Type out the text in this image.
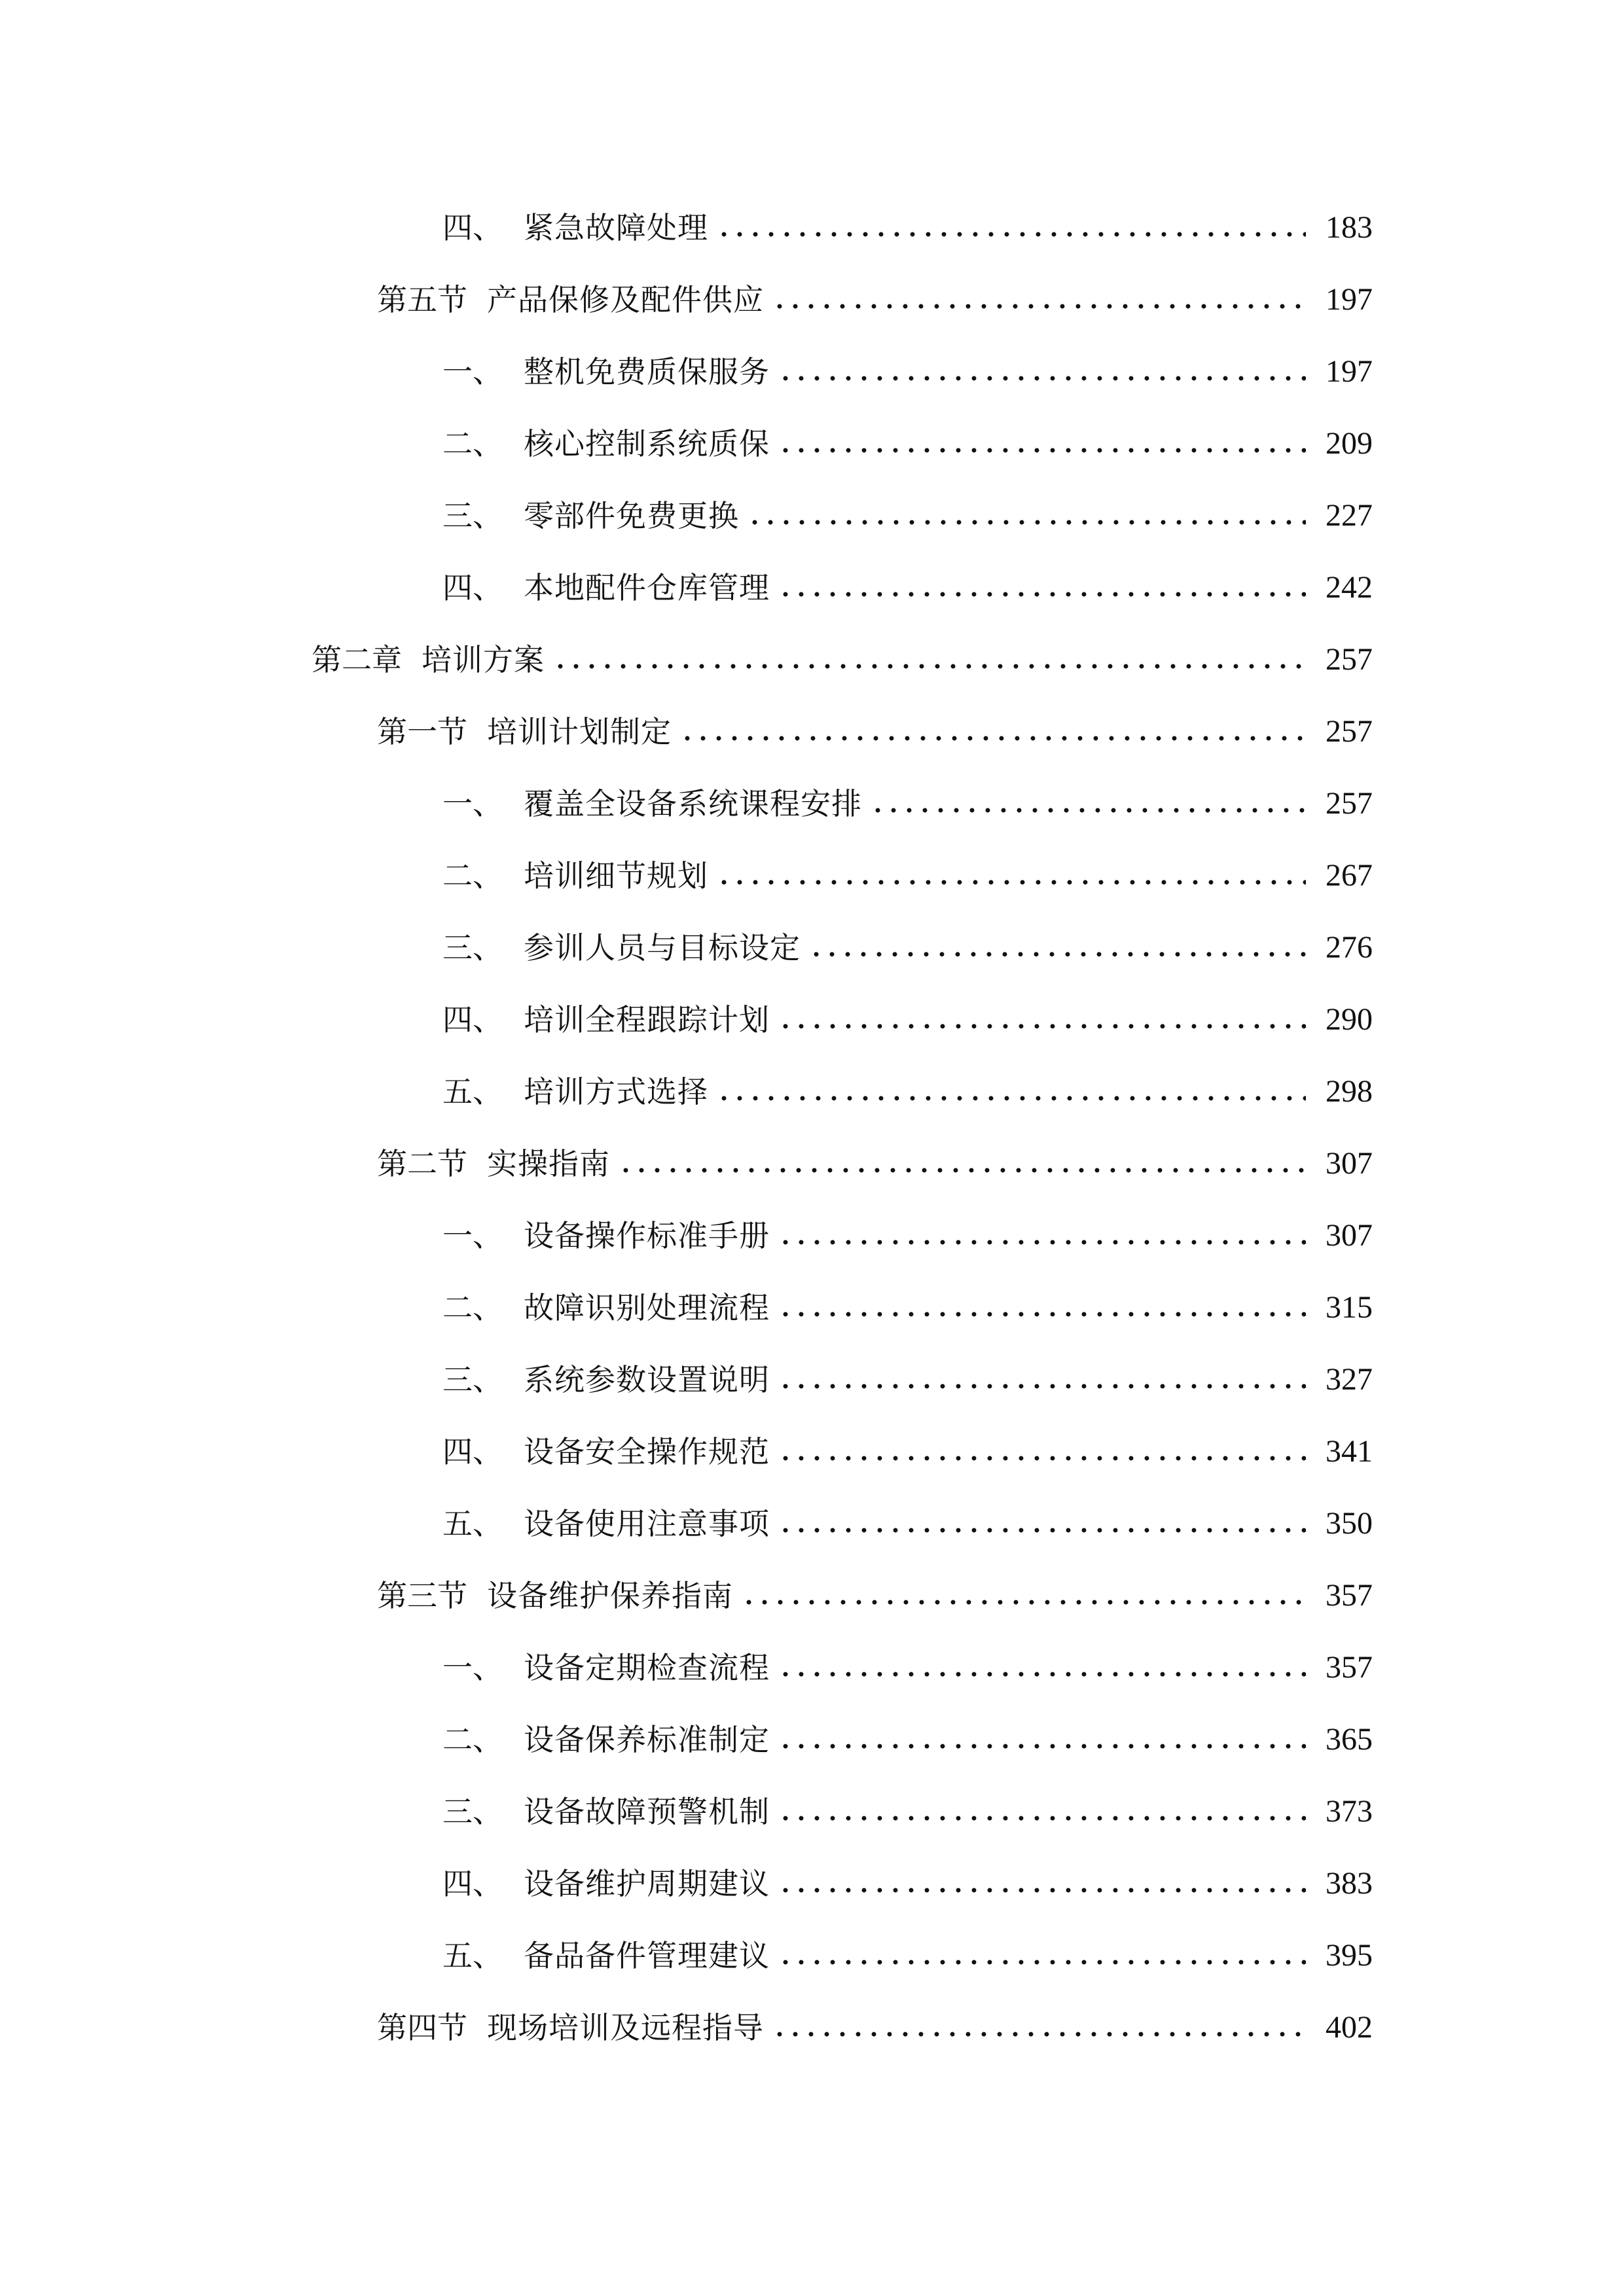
四、 紧急故障处理	183
第五节 产品保修及配件供应	197
一、 整机免费质保服务	197
二、 核心控制系统质保	209
三、 零部件免费更换	227
四、 本地配件仓库管理	242
第二章 培训方案	257
第一节 培训计划制定	257
一、 覆盖全设备系统课程安排	257
二、 培训细节规划	267
三、 参训人员与目标设定	276
四、 培训全程跟踪计划	290
五、 培训方式选择	298
第二节 实操指南	307
一、 设备操作标准手册	307
二、 故障识别处理流程	315
三、 系统参数设置说明	327
四、 设备安全操作规范	341
五、 设备使用注意事项	350
第三节 设备维护保养指南	357
一、 设备定期检查流程	357
二、 设备保养标准制定	365
三、 设备故障预警机制	373
四、 设备维护周期建议	383
五、 备品备件管理建议	395
第四节 现场培训及远程指导	402
